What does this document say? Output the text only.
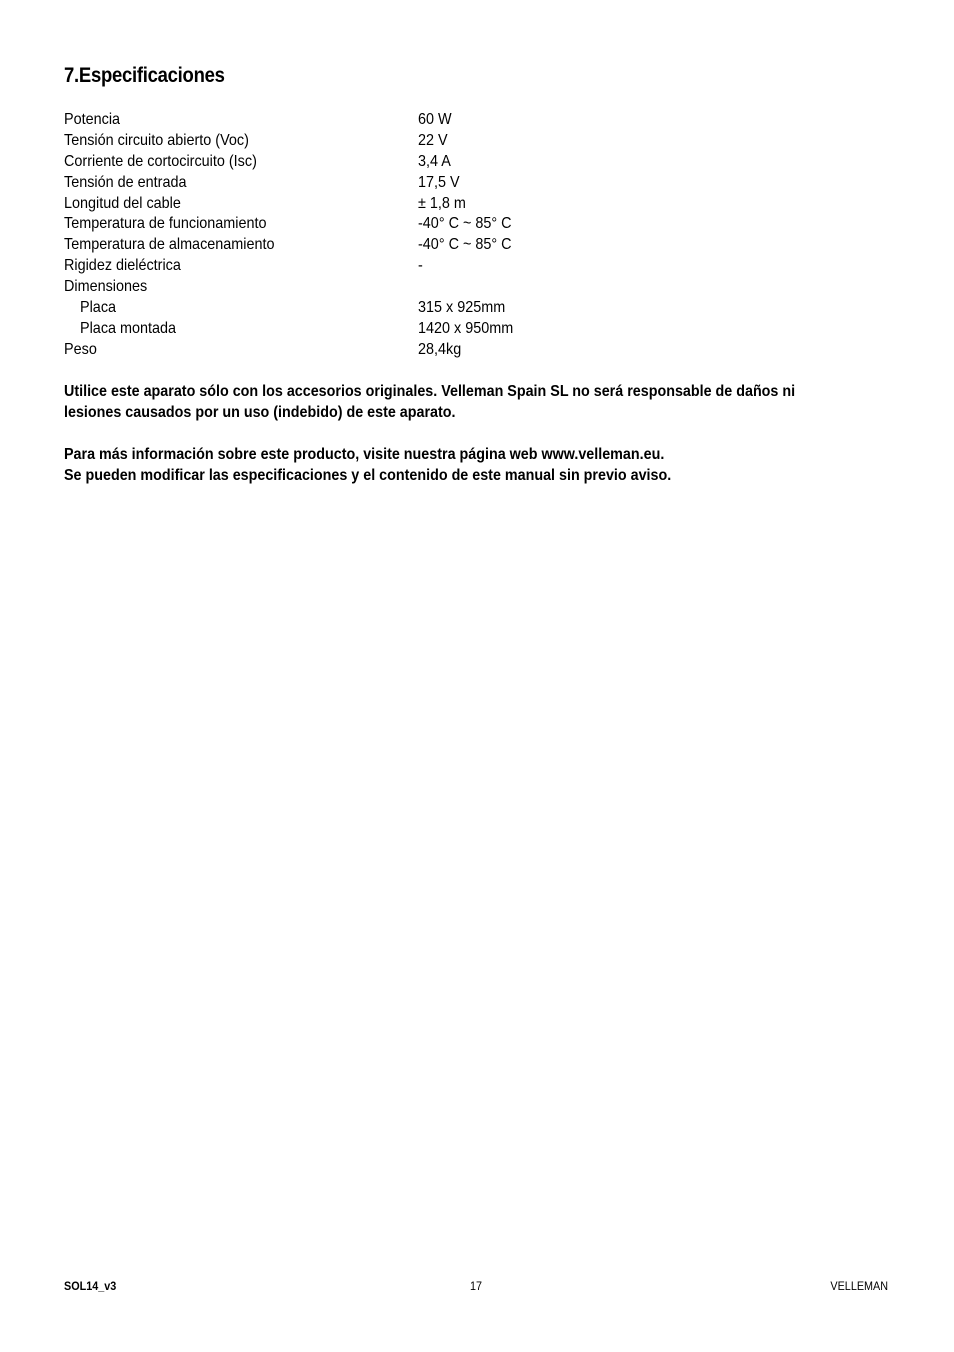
7.Especificaciones
Potencia	60 W
Tensión circuito abierto (Voc)	22 V
Corriente de cortocircuito (Isc)	3,4 A
Tensión de entrada	17,5 V
Longitud del cable	± 1,8 m
Temperatura de funcionamiento	-40° C ~ 85° C
Temperatura de almacenamiento	-40° C ~ 85° C
Rigidez dieléctrica	-
Dimensiones
Placa	315 x 925mm
Placa montada	1420 x 950mm
Peso	28,4kg
Utilice este aparato sólo con los accesorios originales. Velleman Spain SL no será responsable de daños ni
lesiones causados por un uso (indebido) de este aparato.
Para más información sobre este producto, visite nuestra página web www.velleman.eu.
Se pueden modificar las especificaciones y el contenido de este manual sin previo aviso.
SOL14_v3	17	VELLEMAN
